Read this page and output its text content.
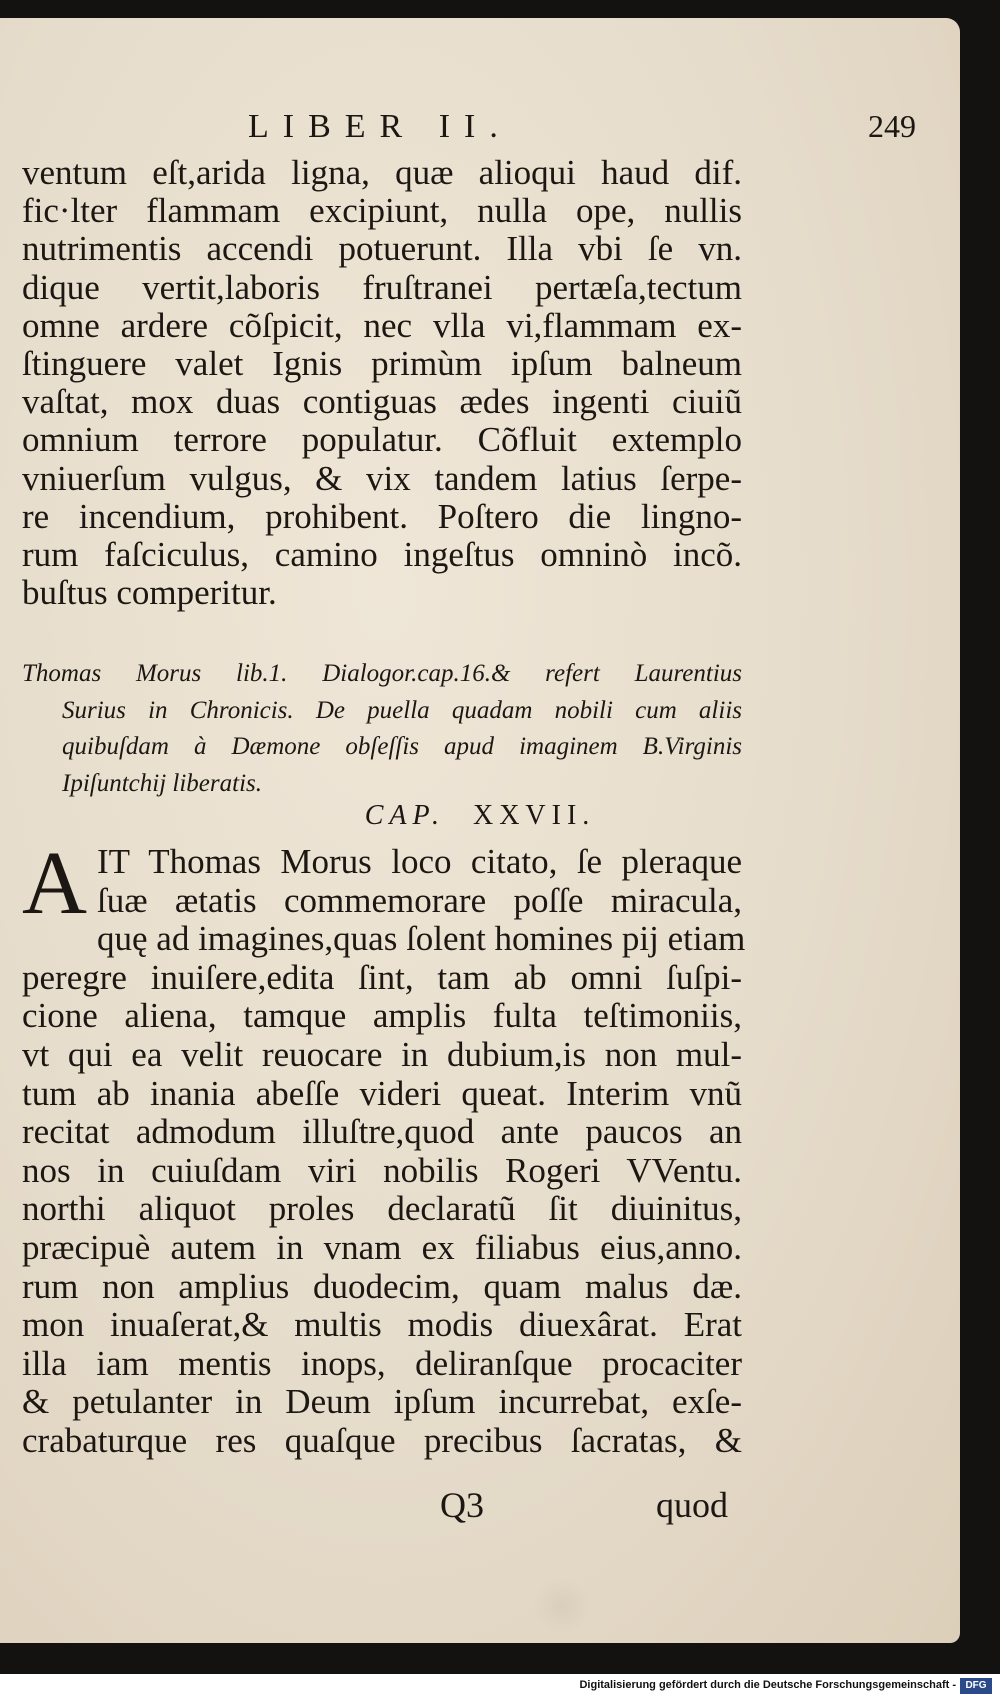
LIBER II.	249
ventum eſt,arida ligna, quæ alioqui haud dif.
fic·lter flammam excipiunt, nulla ope, nullis
nutrimentis accendi potuerunt. Illa vbi ſe vn.
dique vertit,laboris fruſtranei pertæſa,tectum
omne ardere cõſpicit, nec vlla vi,flammam ex-
ſtinguere valet Ignis primùm ipſum balneum
vaſtat, mox duas contiguas ædes ingenti ciuiũ
omnium terrore populatur. Cõfluit extemplo
vniuerſum vulgus, & vix tandem latius ſerpe-
re incendium, prohibent. Poſtero die lingno-
rum faſciculus, camino ingeſtus omninò incõ.
buſtus comperitur.
Thomas Morus lib.1. Dialogor.cap.16.& refert Laurentius
Surius in Chronicis. De puella quadam nobili cum aliis
quibuſdam à Dæmone obſeſſis apud imaginem B.Virginis
Ipiſuntchij liberatis.
CAP. XXVII.
A IT Thomas Morus loco citato, ſe pleraque
ſuæ ætatis commemorare poſſe miracula,
quę ad imagines,quas ſolent homines pij etiam
peregre inuiſere,edita ſint, tam ab omni ſuſpi-
cione aliena, tamque amplis fulta teſtimoniis,
vt qui ea velit reuocare in dubium,is non mul-
tum ab inania abeſſe videri queat. Interim vnũ
recitat admodum illuſtre,quod ante paucos an
nos in cuiuſdam viri nobilis Rogeri VVentu.
northi aliquot proles declaratũ ſit diuinitus,
præcipuè autem in vnam ex filiabus eius,anno.
rum non amplius duodecim, quam malus dæ.
mon inuaſerat,& multis modis diuexârat. Erat
illa iam mentis inops, deliranſque procaciter
& petulanter in Deum ipſum incurrebat, exſe-
crabaturque res quaſque precibus ſacratas, &
Q3	quod
Digitalisierung gefördert durch die Deutsche Forschungsgemeinschaft - DFG
